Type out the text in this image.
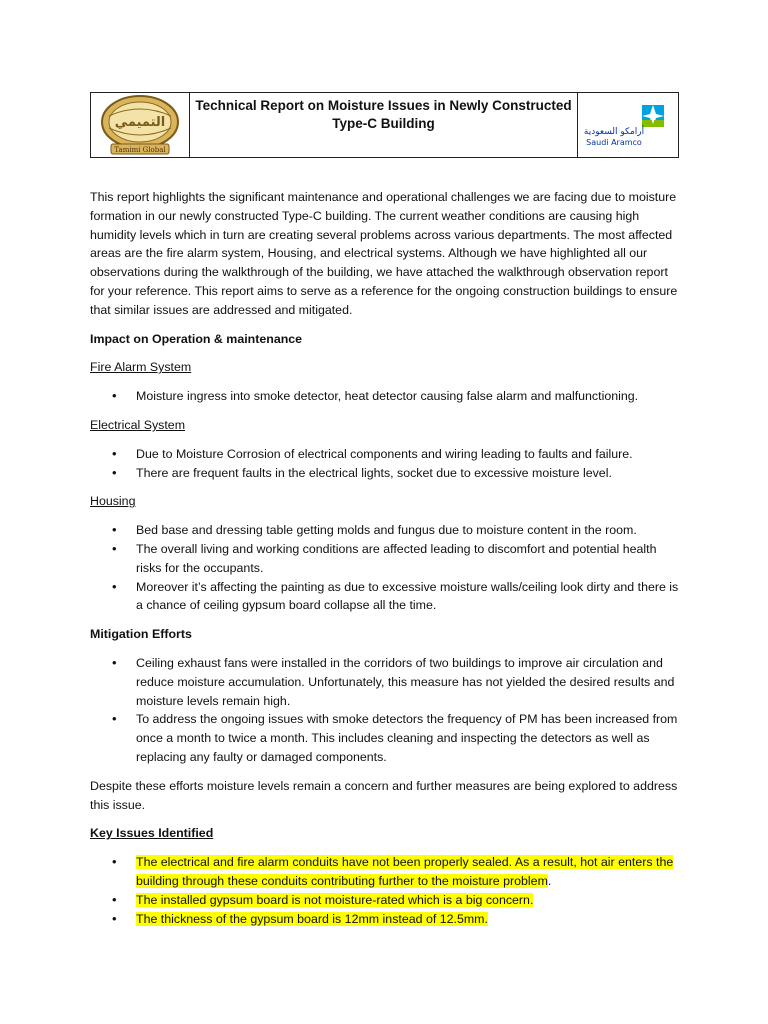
التميمي
Tamimi Global

Technical Report on Moisture Issues in Newly Constructed
Type-C Building

أرامكو السعودية
Saudi Aramco

This report highlights the significant maintenance and operational challenges we are facing due to moisture formation in our newly constructed Type-C building. The current weather conditions are causing high humidity levels which in turn are creating several problems across various departments. The most affected areas are the fire alarm system, Housing, and electrical systems. Although we have highlighted all our observations during the walkthrough of the building, we have attached the walkthrough observation report for your reference. This report aims to serve as a reference for the ongoing construction buildings to ensure that similar issues are addressed and mitigated.

Impact on Operation & maintenance
Fire Alarm System
• Moisture ingress into smoke detector, heat detector causing false alarm and malfunctioning.
Electrical System
• Due to Moisture Corrosion of electrical components and wiring leading to faults and failure.
• There are frequent faults in the electrical lights, socket due to excessive moisture level.
Housing
• Bed base and dressing table getting molds and fungus due to moisture content in the room.
• The overall living and working conditions are affected leading to discomfort and potential health risks for the occupants.
• Moreover it’s affecting the painting as due to excessive moisture walls/ceiling look dirty and there is a chance of ceiling gypsum board collapse all the time.
Mitigation Efforts
• Ceiling exhaust fans were installed in the corridors of two buildings to improve air circulation and reduce moisture accumulation. Unfortunately, this measure has not yielded the desired results and moisture levels remain high.
• To address the ongoing issues with smoke detectors the frequency of PM has been increased from once a month to twice a month. This includes cleaning and inspecting the detectors as well as replacing any faulty or damaged components.

Despite these efforts moisture levels remain a concern and further measures are being explored to address this issue.

Key Issues Identified
• The electrical and fire alarm conduits have not been properly sealed. As a result, hot air enters the building through these conduits contributing further to the moisture problem.
• The installed gypsum board is not moisture-rated which is a big concern.
• The thickness of the gypsum board is 12mm instead of 12.5mm.
